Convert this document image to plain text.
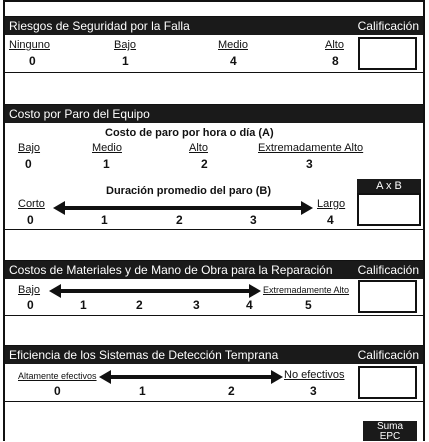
Riesgos de Seguridad por la Falla	Calificación
Ninguno	Bajo	Medio	Alto
0	1	4	8
Costo por Paro del Equipo
Costo de paro por hora o día (A)
Bajo	Medio	Alto	Extremadamente Alto
0	1	2	3
Duración promedio del paro (B)
Corto	Largo
0	1	2	3	4
A x B
Costos de Materiales y de Mano de Obra para la Reparación Calificación
Bajo	Extremadamente Alto
0	1	2	3	4	5
Eficiencia de los Sistemas de Detección Temprana	Calificación
Altamente efectivos	No efectivos
0	1	2	3
Suma
EPC
